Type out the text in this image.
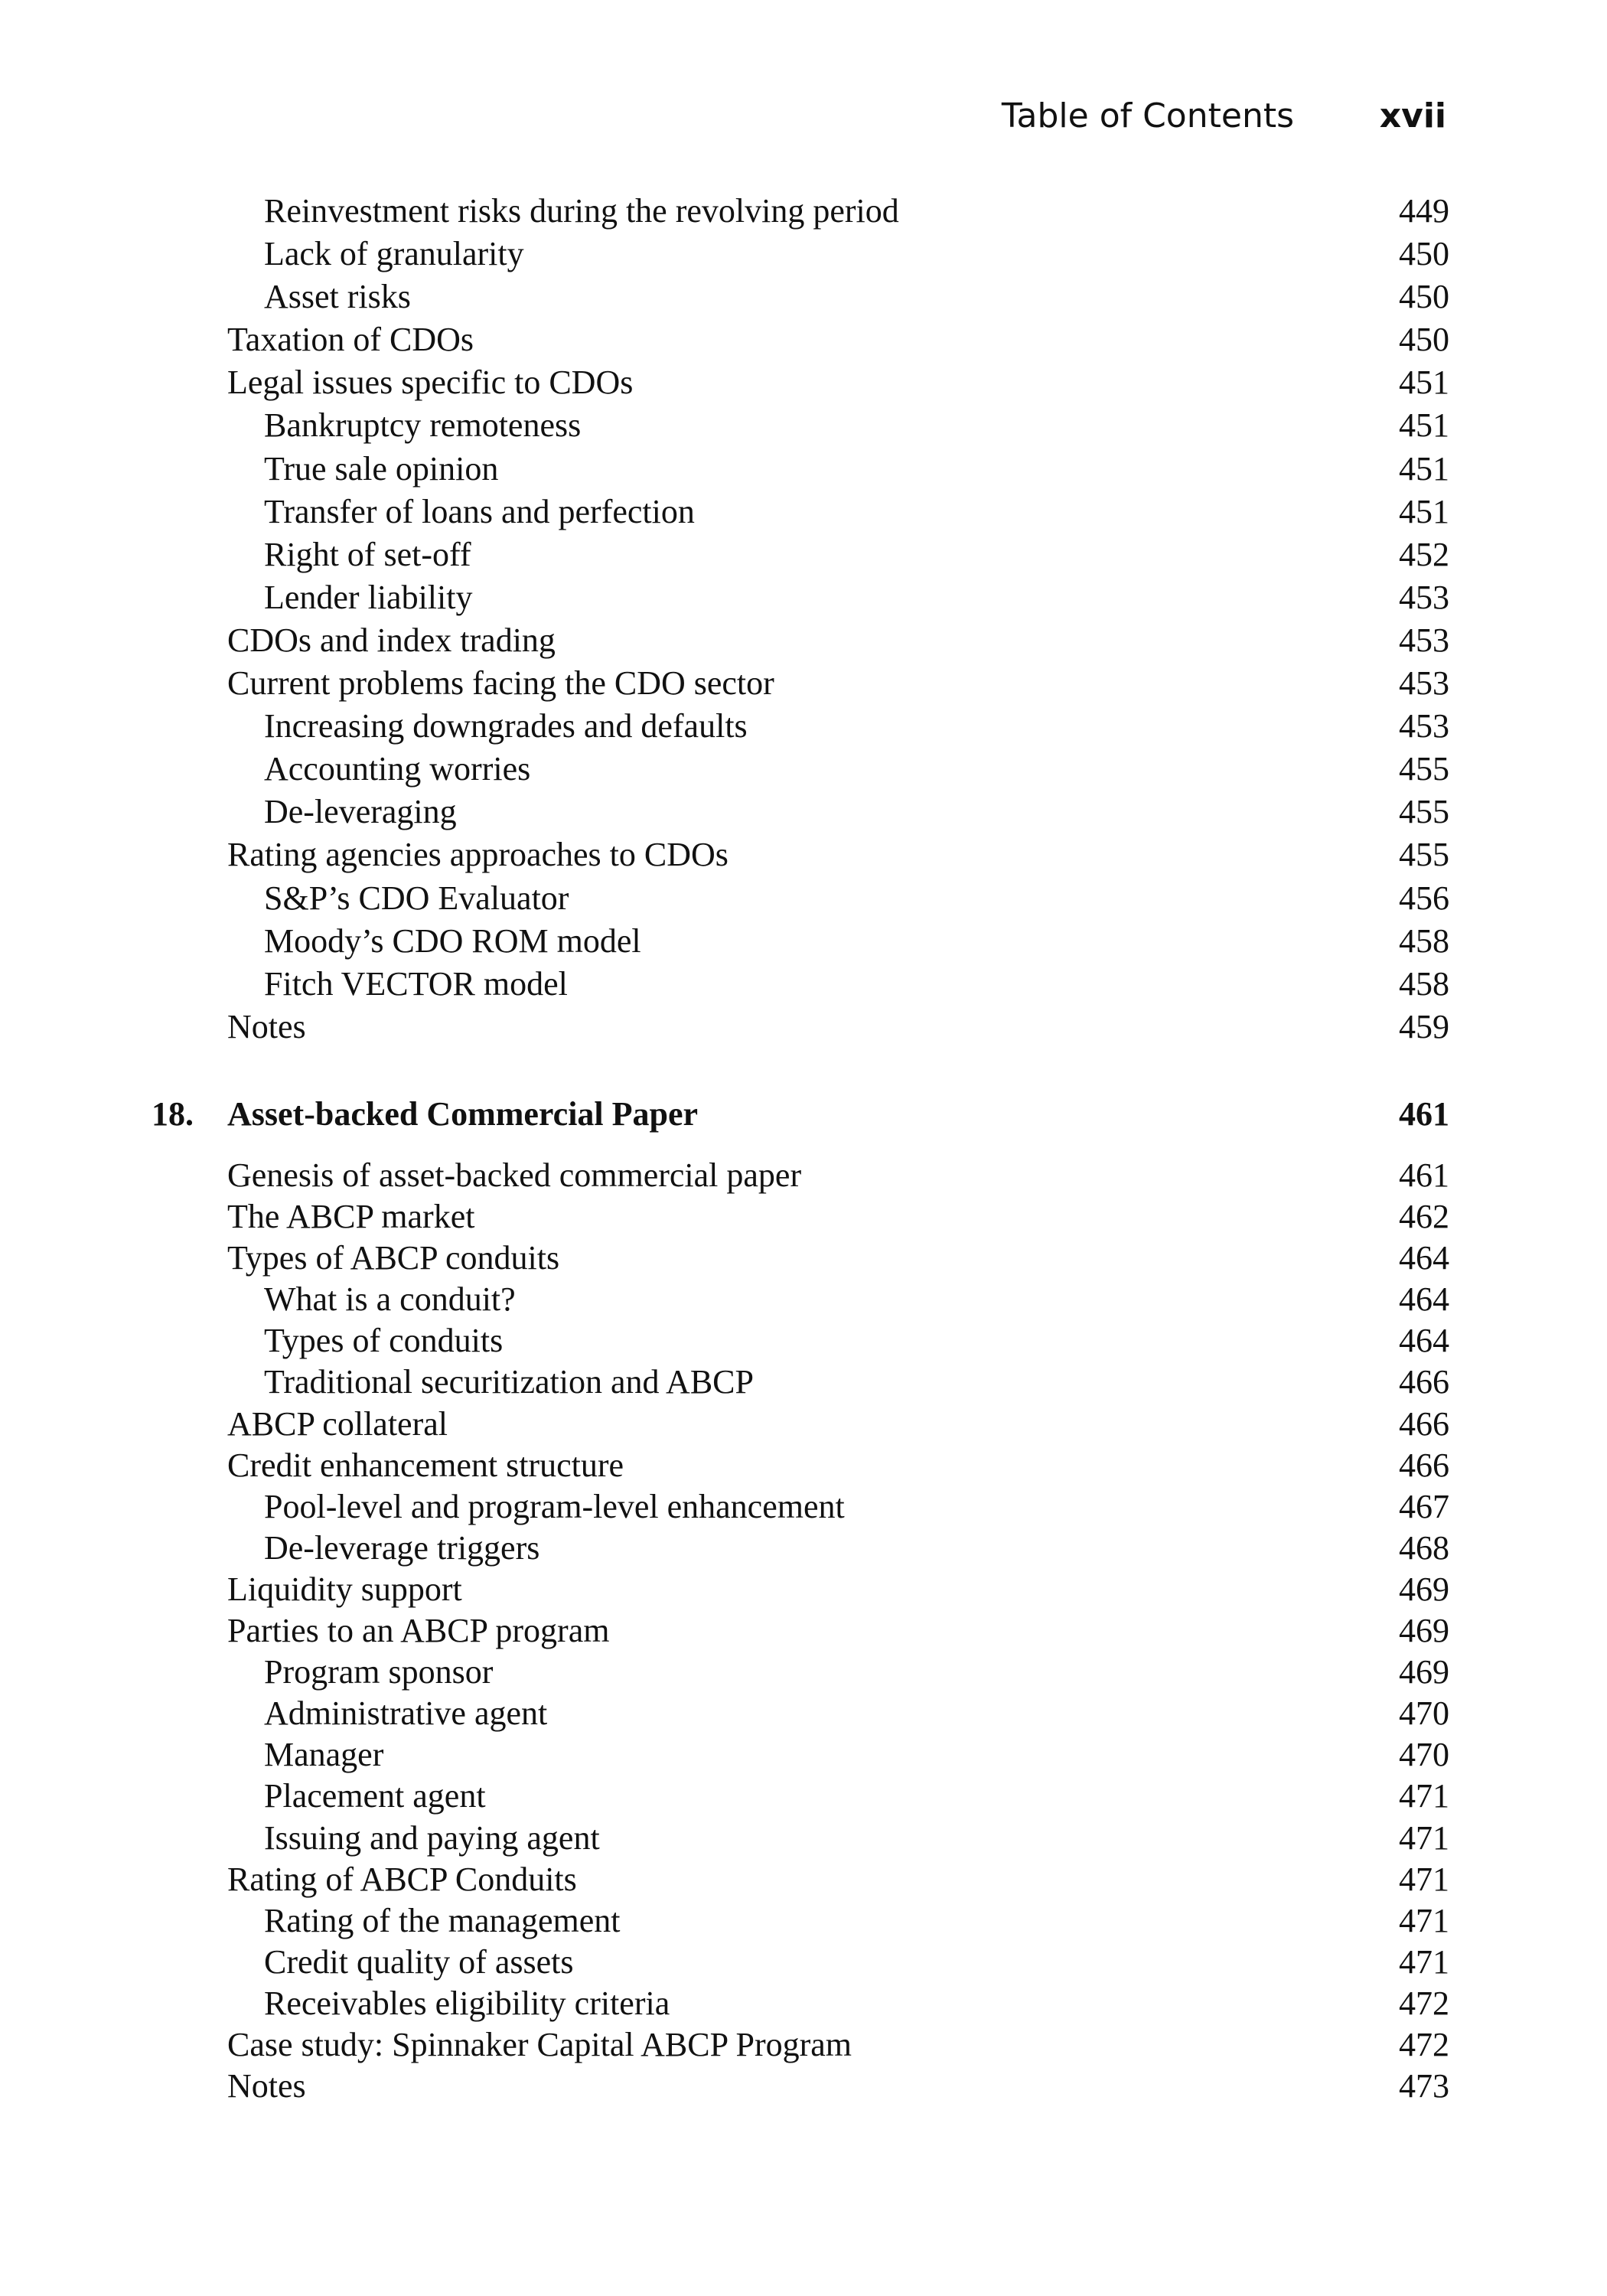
Table of Contents	xvii
Reinvestment risks during the revolving period	449
Lack of granularity	450
Asset risks	450
Taxation of CDOs	450
Legal issues specific to CDOs	451
Bankruptcy remoteness	451
True sale opinion	451
Transfer of loans and perfection	451
Right of set-off	452
Lender liability	453
CDOs and index trading	453
Current problems facing the CDO sector	453
Increasing downgrades and defaults	453
Accounting worries	455
De-leveraging	455
Rating agencies approaches to CDOs	455
S&P’s CDO Evaluator	456
Moody’s CDO ROM model	458
Fitch VECTOR model	458
Notes	459
18. Asset-backed Commercial Paper	461
Genesis of asset-backed commercial paper	461
The ABCP market	462
Types of ABCP conduits	464
What is a conduit?	464
Types of conduits	464
Traditional securitization and ABCP	466
ABCP collateral	466
Credit enhancement structure	466
Pool-level and program-level enhancement	467
De-leverage triggers	468
Liquidity support	469
Parties to an ABCP program	469
Program sponsor	469
Administrative agent	470
Manager	470
Placement agent	471
Issuing and paying agent	471
Rating of ABCP Conduits	471
Rating of the management	471
Credit quality of assets	471
Receivables eligibility criteria	472
Case study: Spinnaker Capital ABCP Program	472
Notes	473
